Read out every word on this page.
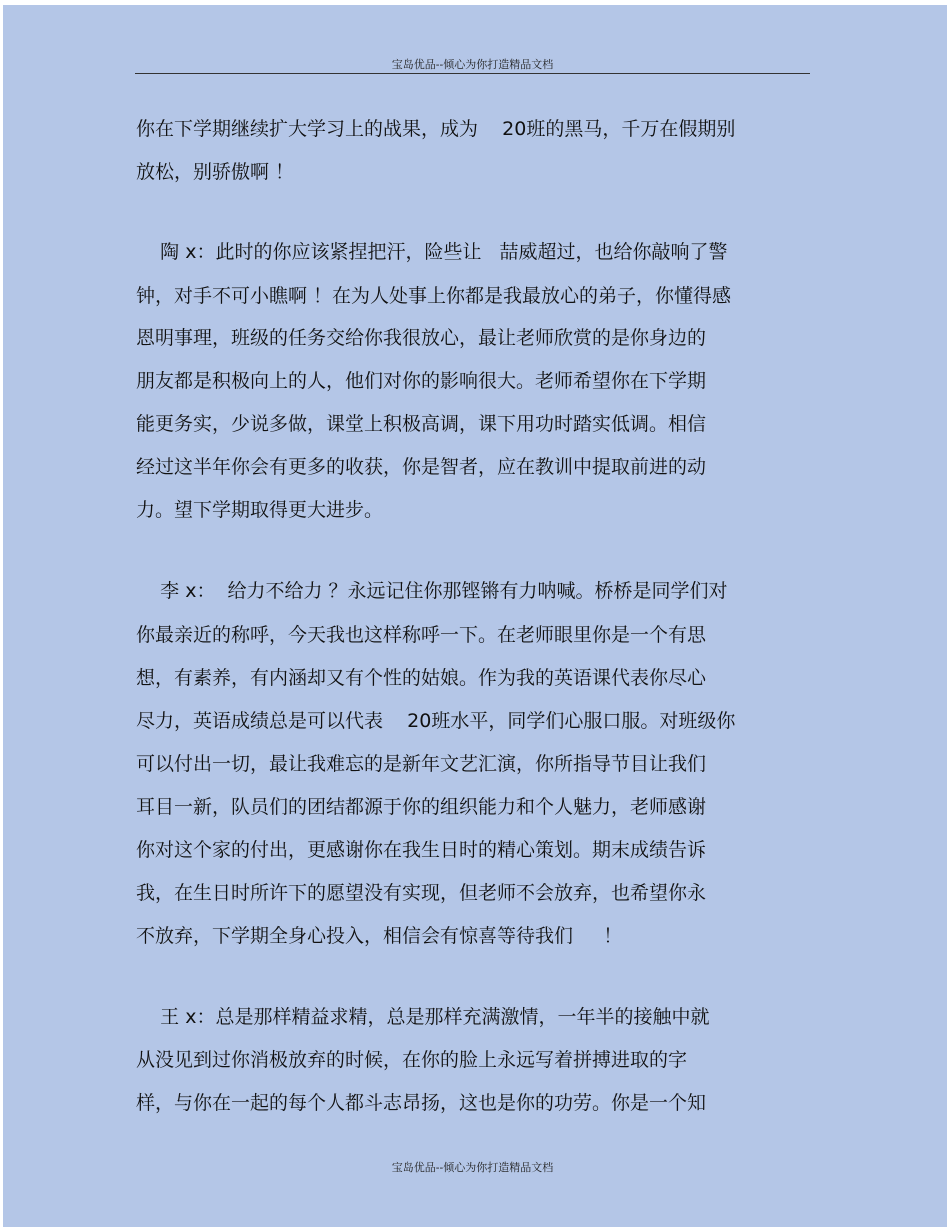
宝岛优品--倾心为你打造精品文档
你在下学期继续扩大学习上的战果，成为    20班的黑马，千万在假期别
放松，别骄傲啊 ！
陶 x：此时的你应该紧捏把汗，险些让   喆威超过，也给你敲响了警
钟，对手不可小瞧啊 ！在为人处事上你都是我最放心的弟子，你懂得感
恩明事理，班级的任务交给你我很放心，最让老师欣赏的是你身边的
朋友都是积极向上的人，他们对你的影响很大。老师希望你在下学期
能更务实，少说多做，课堂上积极高调，课下用功时踏实低调。相信
经过这半年你会有更多的收获，你是智者，应在教训中提取前进的动
力。望下学期取得更大进步。
李 x：  给力不给力 ？永远记住你那铿锵有力呐喊。桥桥是同学们对
你最亲近的称呼，今天我也这样称呼一下。在老师眼里你是一个有思
想，有素养，有内涵却又有个性的姑娘。作为我的英语课代表你尽心
尽力，英语成绩总是可以代表    20班水平，同学们心服口服。对班级你
可以付出一切，最让我难忘的是新年文艺汇演，你所指导节目让我们
耳目一新，队员们的团结都源于你的组织能力和个人魅力，老师感谢
你对这个家的付出，更感谢你在我生日时的精心策划。期末成绩告诉
我，在生日时所许下的愿望没有实现，但老师不会放弃，也希望你永
不放弃，下学期全身心投入，相信会有惊喜等待我们     ！
王 x：总是那样精益求精，总是那样充满激情，一年半的接触中就
从没见到过你消极放弃的时候，在你的脸上永远写着拼搏进取的字
样，与你在一起的每个人都斗志昂扬，这也是你的功劳。你是一个知
宝岛优品--倾心为你打造精品文档
